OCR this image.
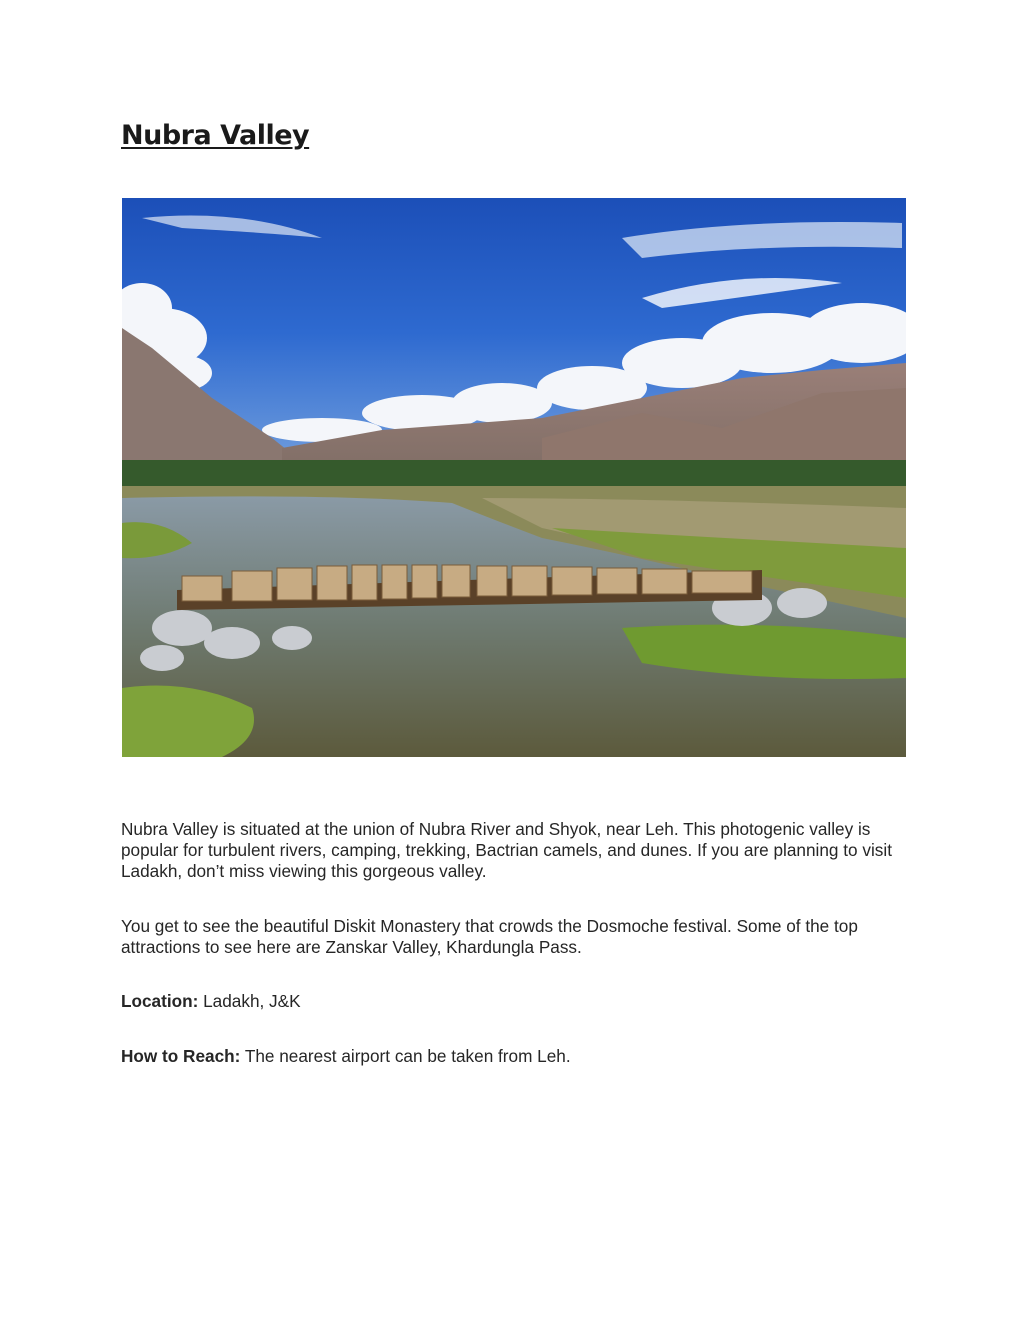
Nubra Valley

Nubra Valley is situated at the union of Nubra River and Shyok, near Leh. This photogenic valley is popular for turbulent rivers, camping, trekking, Bactrian camels, and dunes. If you are planning to visit Ladakh, don’t miss viewing this gorgeous valley.

You get to see the beautiful Diskit Monastery that crowds the Dosmoche festival. Some of the top attractions to see here are Zanskar Valley, Khardungla Pass.

Location: Ladakh, J&K

How to Reach: The nearest airport can be taken from Leh.
